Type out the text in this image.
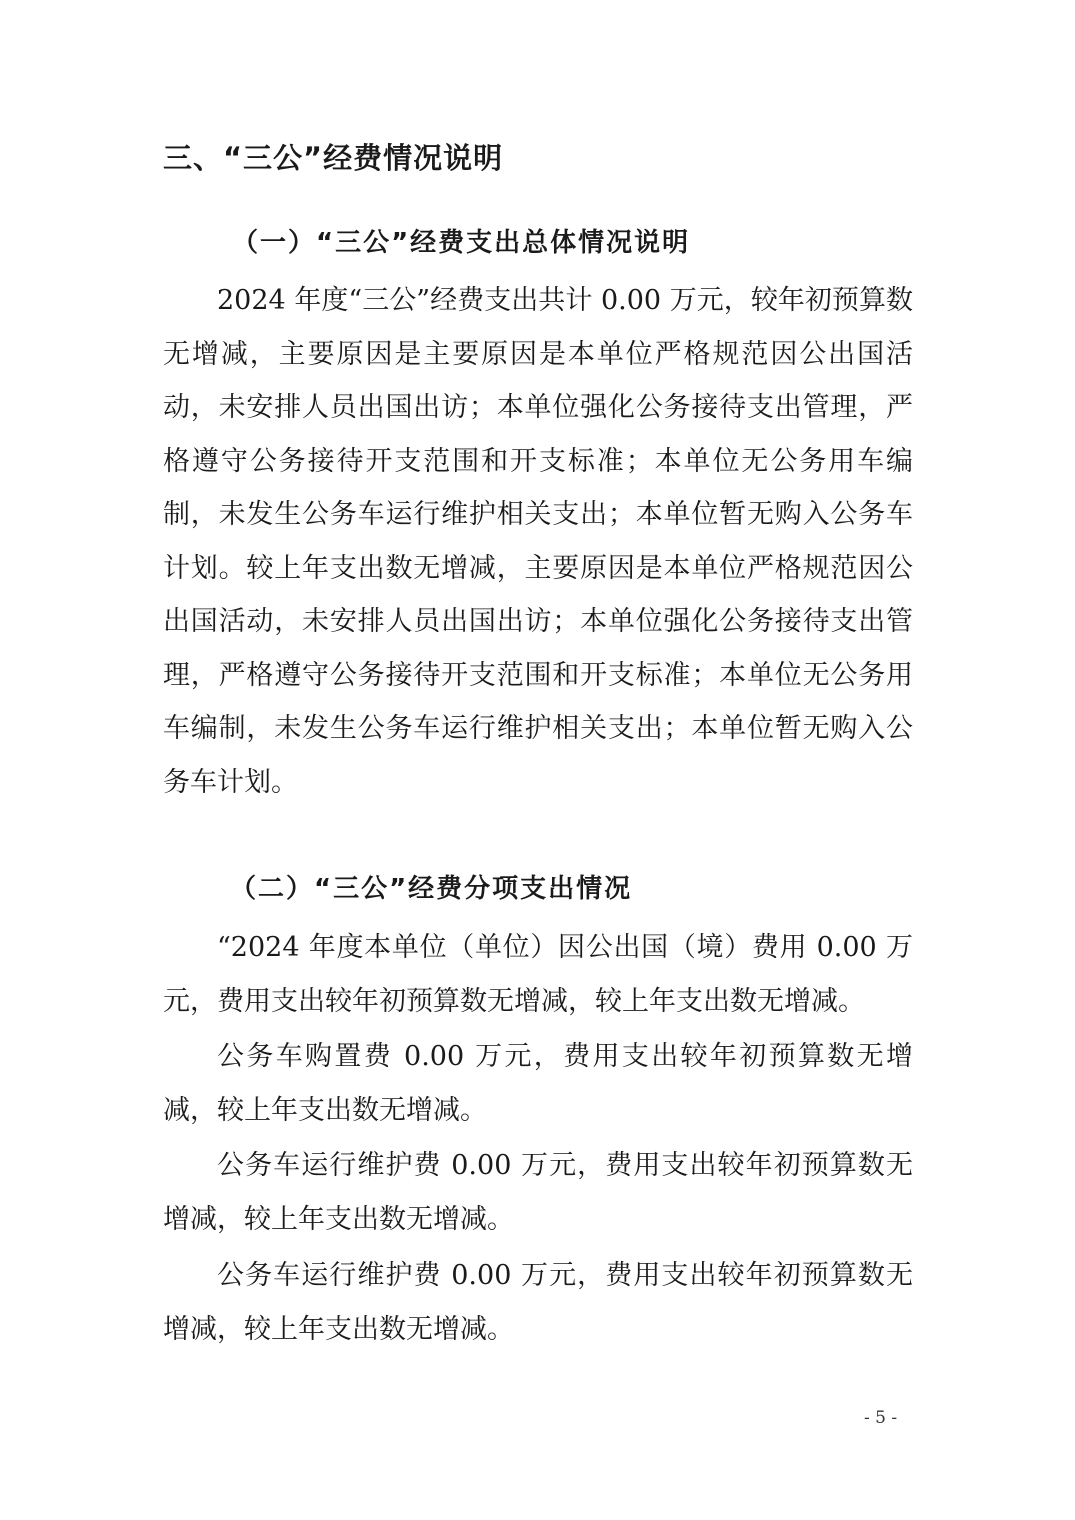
三、“三公”经费情况说明
（一）“三公”经费支出总体情况说明

2024 年度“三公”经费支出共计 0.00 万元，较年初预算数无增减，主要原因是主要原因是本单位严格规范因公出国活动，未安排人员出国出访；本单位强化公务接待支出管理，严格遵守公务接待开支范围和开支标准；本单位无公务用车编制，未发生公务车运行维护相关支出；本单位暂无购入公务车计划。较上年支出数无增减，主要原因是本单位严格规范因公出国活动，未安排人员出国出访；本单位强化公务接待支出管理，严格遵守公务接待开支范围和开支标准；本单位无公务用车编制，未发生公务车运行维护相关支出；本单位暂无购入公务车计划。

（二）“三公”经费分项支出情况

“2024 年度本单位（单位）因公出国（境）费用 0.00 万元，费用支出较年初预算数无增减，较上年支出数无增减。

公务车购置费 0.00 万元，费用支出较年初预算数无增减，较上年支出数无增减。

公务车运行维护费 0.00 万元，费用支出较年初预算数无增减，较上年支出数无增减。

公务车运行维护费 0.00 万元，费用支出较年初预算数无增减，较上年支出数无增减。

- 5 -
